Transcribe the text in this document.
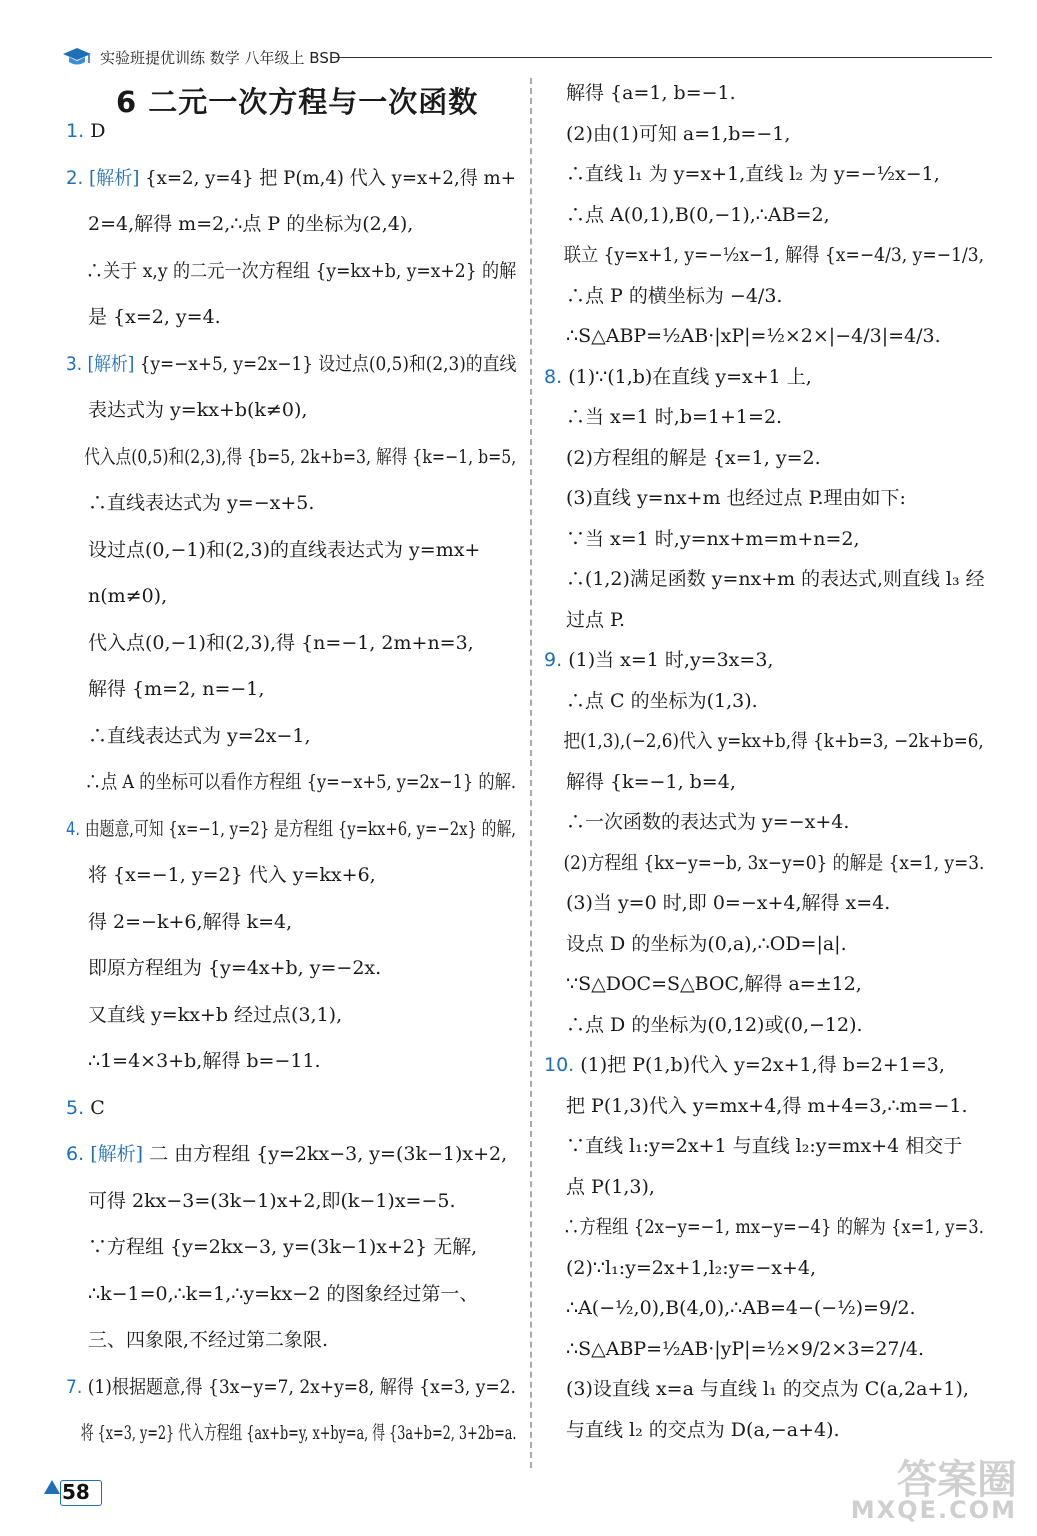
实验班提优训练 数学 八年级上 BSD
6 二元一次方程与一次函数
1. D
2. [解析] {x=2, y=4} 把 P(m,4) 代入 y=x+2,得 m+
2=4,解得 m=2,∴点 P 的坐标为(2,4),
∴关于 x,y 的二元一次方程组 {y=kx+b, y=x+2} 的解
是 {x=2, y=4.
3. [解析] {y=−x+5, y=2x−1} 设过点(0,5)和(2,3)的直线
表达式为 y=kx+b(k≠0),
代入点(0,5)和(2,3),得 {b=5, 2k+b=3, 解得 {k=−1, b=5,
∴直线表达式为 y=−x+5.
设过点(0,−1)和(2,3)的直线表达式为 y=mx+
n(m≠0),
代入点(0,−1)和(2,3),得 {n=−1, 2m+n=3,
解得 {m=2, n=−1,
∴直线表达式为 y=2x−1,
∴点 A 的坐标可以看作方程组 {y=−x+5, y=2x−1} 的解.
4. 由题意,可知 {x=−1, y=2} 是方程组 {y=kx+6, y=−2x} 的解,
将 {x=−1, y=2} 代入 y=kx+6,
得 2=−k+6,解得 k=4,
即原方程组为 {y=4x+b, y=−2x.
又直线 y=kx+b 经过点(3,1),
∴1=4×3+b,解得 b=−11.
5. C
6. [解析] 二 由方程组 {y=2kx−3, y=(3k−1)x+2,
可得 2kx−3=(3k−1)x+2,即(k−1)x=−5.
∵方程组 {y=2kx−3, y=(3k−1)x+2} 无解,
∴k−1=0,∴k=1,∴y=kx−2 的图象经过第一、
三、四象限,不经过第二象限.
7. (1)根据题意,得 {3x−y=7, 2x+y=8, 解得 {x=3, y=2.
将 {x=3, y=2} 代入方程组 {ax+b=y, x+by=a, 得 {3a+b=2, 3+2b=a.
解得 {a=1, b=−1.
(2)由(1)可知 a=1,b=−1,
∴直线 l₁ 为 y=x+1,直线 l₂ 为 y=−½x−1,
∴点 A(0,1),B(0,−1),∴AB=2,
联立 {y=x+1, y=−½x−1, 解得 {x=−4/3, y=−1/3,
∴点 P 的横坐标为 −4/3.
∴S△ABP=½AB·|xP|=½×2×|−4/3|=4/3.
8. (1)∵(1,b)在直线 y=x+1 上,
∴当 x=1 时,b=1+1=2.
(2)方程组的解是 {x=1, y=2.
(3)直线 y=nx+m 也经过点 P.理由如下:
∵当 x=1 时,y=nx+m=m+n=2,
∴(1,2)满足函数 y=nx+m 的表达式,则直线 l₃ 经
过点 P.
9. (1)当 x=1 时,y=3x=3,
∴点 C 的坐标为(1,3).
把(1,3),(−2,6)代入 y=kx+b,得 {k+b=3, −2k+b=6,
解得 {k=−1, b=4,
∴一次函数的表达式为 y=−x+4.
(2)方程组 {kx−y=−b, 3x−y=0} 的解是 {x=1, y=3.
(3)当 y=0 时,即 0=−x+4,解得 x=4.
设点 D 的坐标为(0,a),∴OD=|a|.
∵S△DOC=S△BOC,解得 a=±12,
∴点 D 的坐标为(0,12)或(0,−12).
10. (1)把 P(1,b)代入 y=2x+1,得 b=2+1=3,
把 P(1,3)代入 y=mx+4,得 m+4=3,∴m=−1.
∵直线 l₁:y=2x+1 与直线 l₂:y=mx+4 相交于
点 P(1,3),
∴方程组 {2x−y=−1, mx−y=−4} 的解为 {x=1, y=3.
(2)∵l₁:y=2x+1,l₂:y=−x+4,
∴A(−½,0),B(4,0),∴AB=4−(−½)=9/2.
∴S△ABP=½AB·|yP|=½×9/2×3=27/4.
(3)设直线 x=a 与直线 l₁ 的交点为 C(a,2a+1),
与直线 l₂ 的交点为 D(a,−a+4).
58	答案圈
MXQE.COM
